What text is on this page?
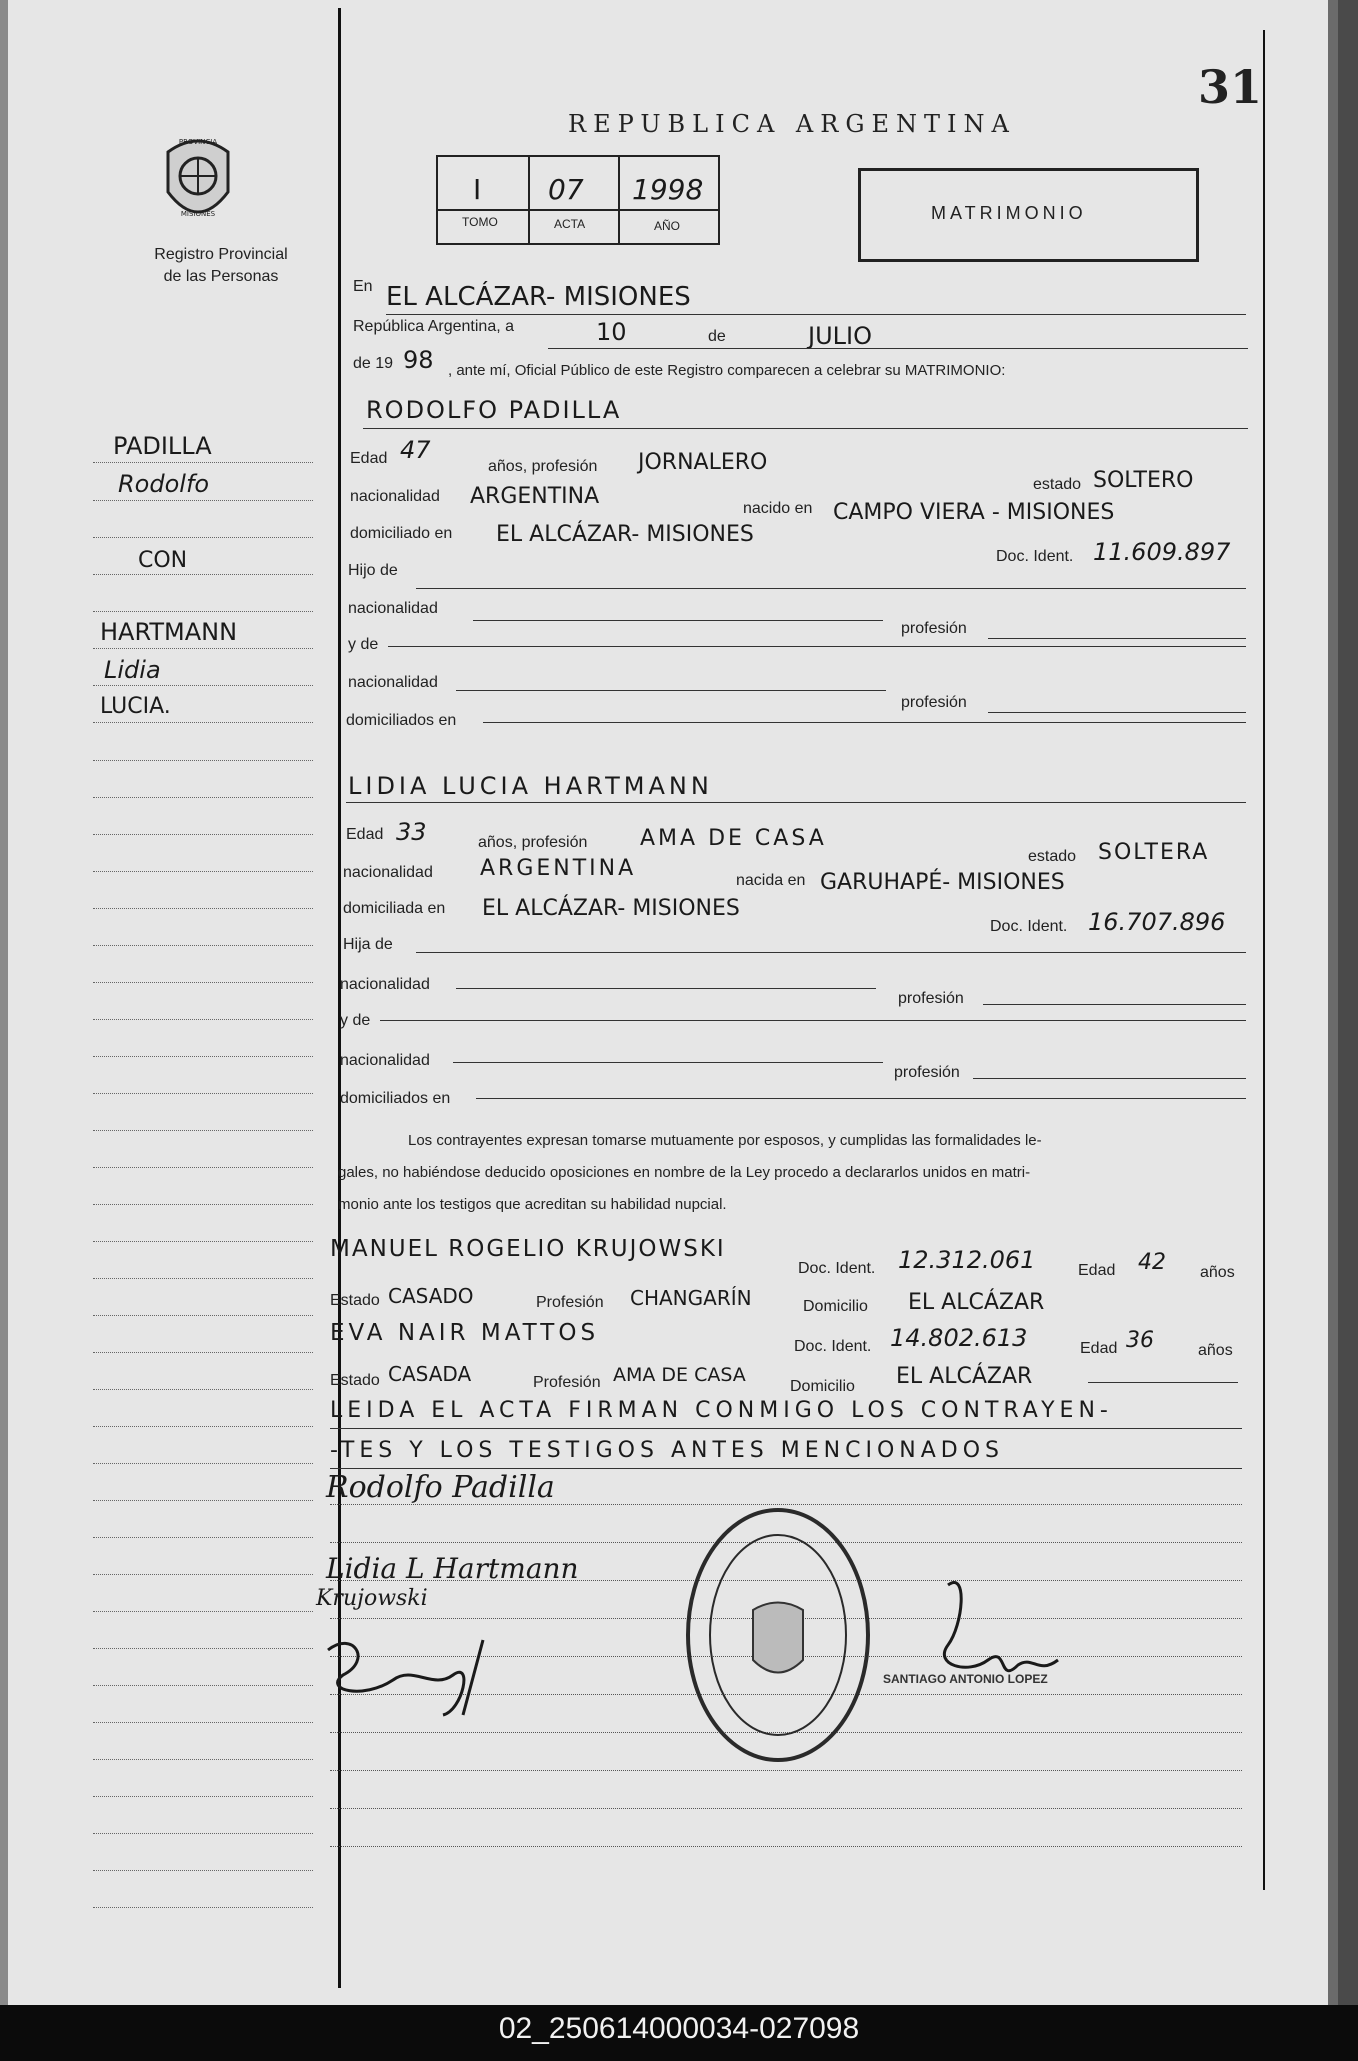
31
PROVINCIA
MISIONES
Registro Provincial
de las Personas
REPUBLICA ARGENTINA
I
TOMO
07
ACTA
1998
AÑO
MATRIMONIO
PADILLA
Rodolfo
CON
HARTMANN
Lidia
LUCIA.
En EL ALCÁZAR- MISIONES
República Argentina, a	10	de	JULIO
de 19 98 , ante mí, Oficial Público de este Registro comparecen a celebrar su MATRIMONIO:
RODOLFO PADILLA
Edad 47
años, profesión JORNALERO
estado SOLTERO
nacionalidad ARGENTINA	nacido en CAMPO VIERA - MISIONES
domiciliado en EL ALCÁZAR- MISIONES
Doc. Ident. 11.609.897
Hijo de
nacionalidad
profesión
y de
nacionalidad
profesión
domiciliados en
LIDIA LUCIA HARTMANN
Edad 33	años, profesión AMA DE CASA
estado SOLTERA
nacionalidad ARGENTINA	nacida en GARUHAPÉ- MISIONES
domiciliada en EL ALCÁZAR- MISIONES
Doc. Ident. 16.707.896
Hija de
nacionalidad
profesión
y de
nacionalidad
profesión
domiciliados en
Los contrayentes expresan tomarse mutuamente por esposos, y cumplidas las formalidades le-
gales, no habiéndose deducido oposiciones en nombre de la Ley procedo a declararlos unidos en matri-
monio ante los testigos que acreditan su habilidad nupcial.
MANUEL ROGELIO KRUJOWSKI
Doc. Ident. 12.312.061	Edad 42 años
Estado CASADO	Profesión CHANGARÍN	Domicilio EL ALCÁZAR
EVA NAIR MATTOS
Doc. Ident. 14.802.613	Edad 36	años
Estado CASADA	Profesión AMA DE CASA
Domicilio EL ALCÁZAR
LEIDA EL ACTA FIRMAN CONMIGO LOS CONTRAYEN-
-TES Y LOS TESTIGOS ANTES MENCIONADOS
Rodolfo Padilla
Lidia L Hartmann
Krujowski
SANTIAGO ANTONIO LOPEZ
02_250614000034-027098
